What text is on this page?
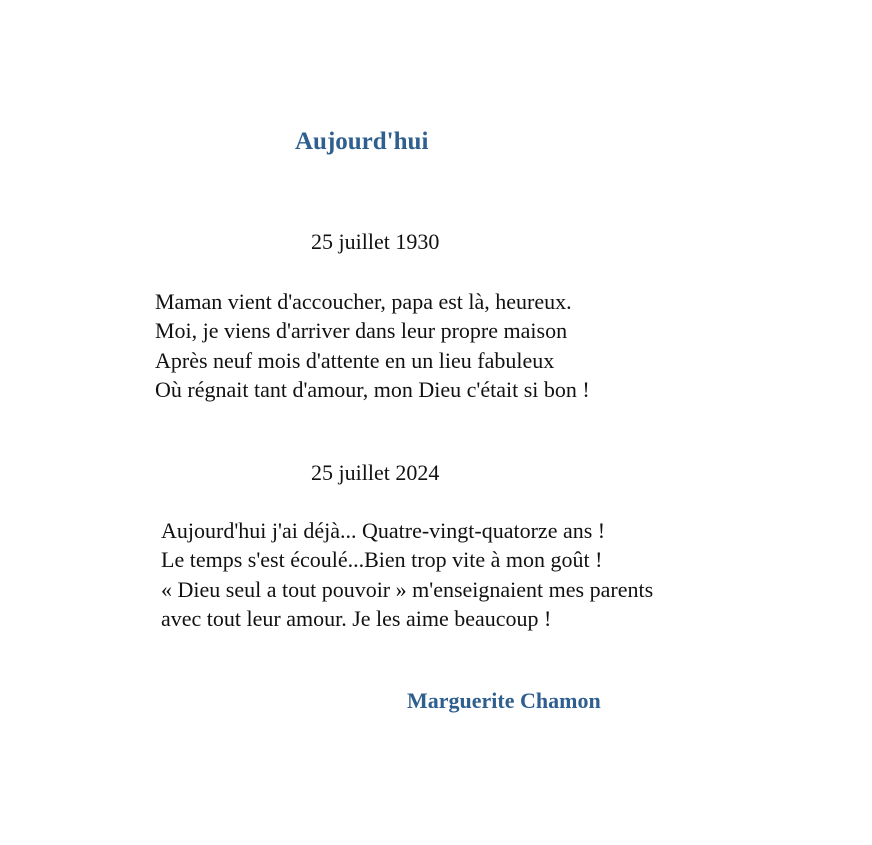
Aujourd'hui
25 juillet 1930
Maman vient d'accoucher, papa est là, heureux.
Moi, je viens d'arriver dans leur propre maison
Après neuf mois d'attente en un lieu fabuleux
Où régnait tant d'amour, mon Dieu c'était si bon !
25 juillet 2024
Aujourd'hui j'ai déjà... Quatre-vingt-quatorze ans !
Le temps s'est écoulé...Bien trop vite à mon goût !
« Dieu seul a tout pouvoir » m'enseignaient mes parents
avec tout leur amour. Je les aime beaucoup !
Marguerite Chamon
